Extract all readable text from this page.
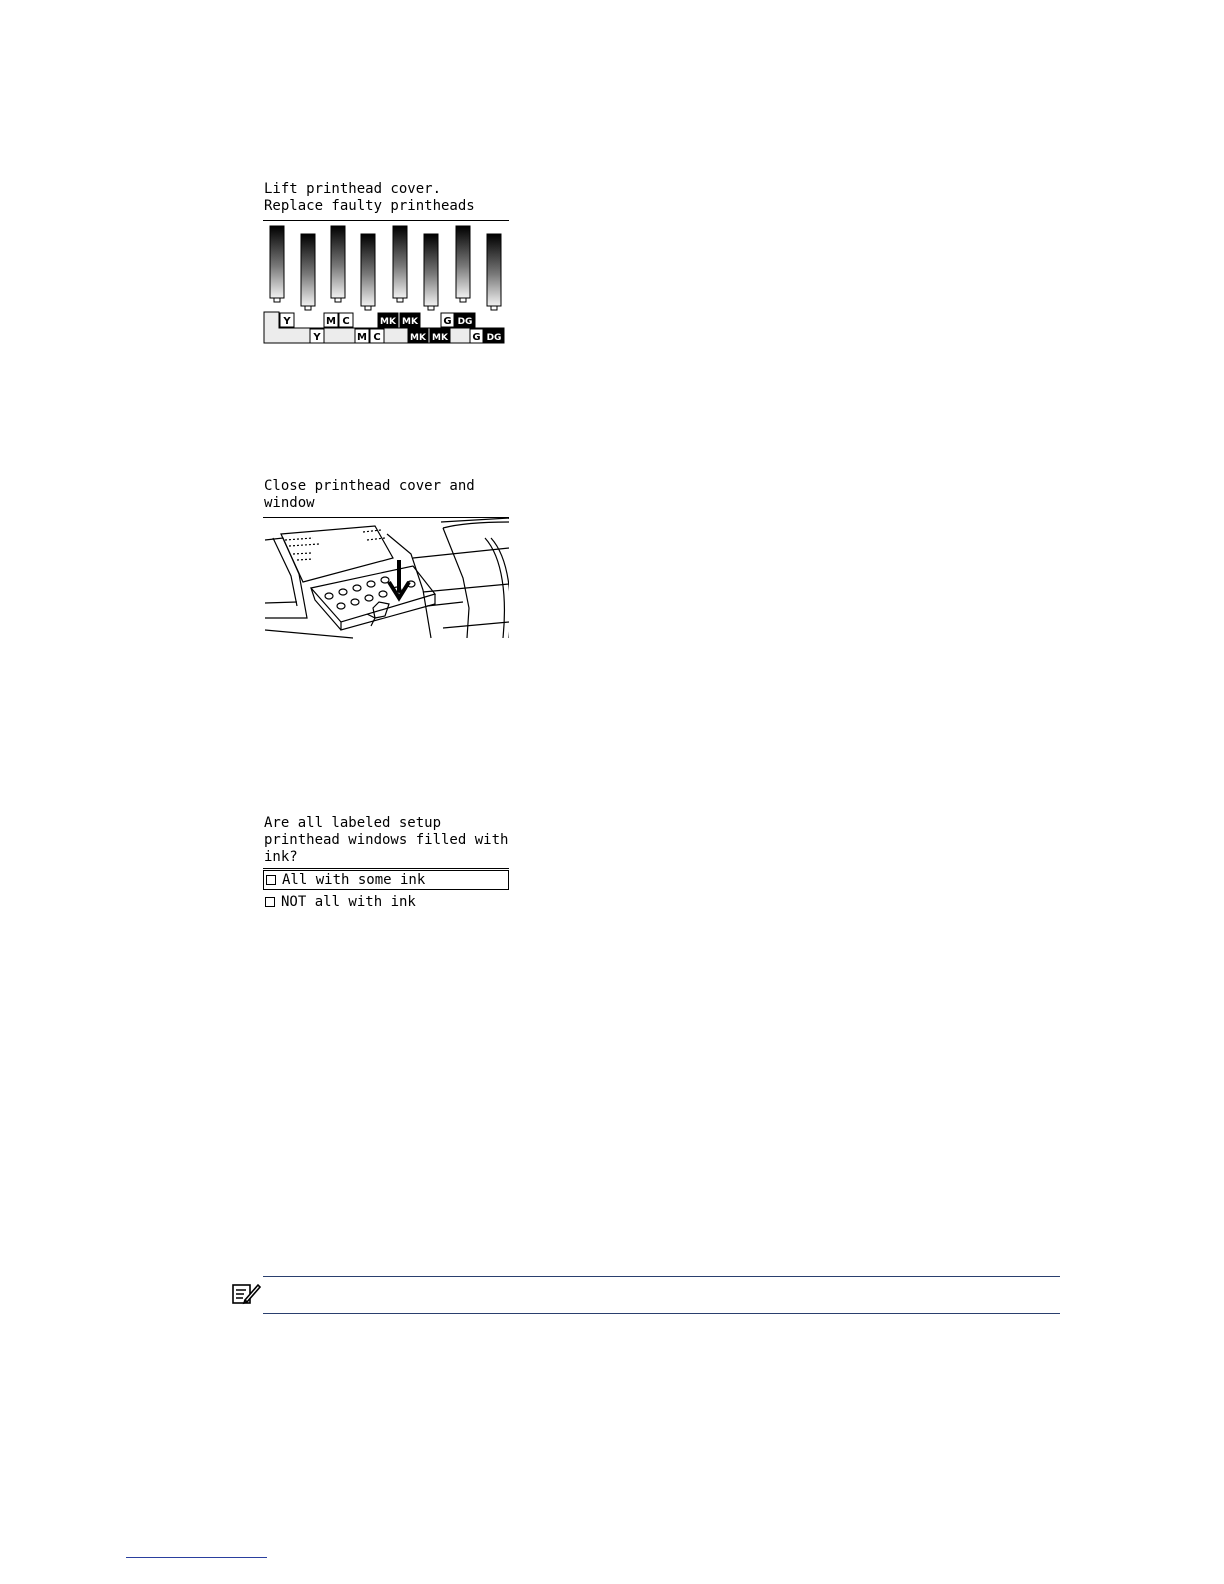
Lift printhead cover.
Replace faulty printheads
Y	M C	MK MK	G DG
Y	M C	MK MK G DG
Close printhead cover and
window
Are all labeled setup
printhead windows filled with
ink?
All with some ink
NOT all with ink
